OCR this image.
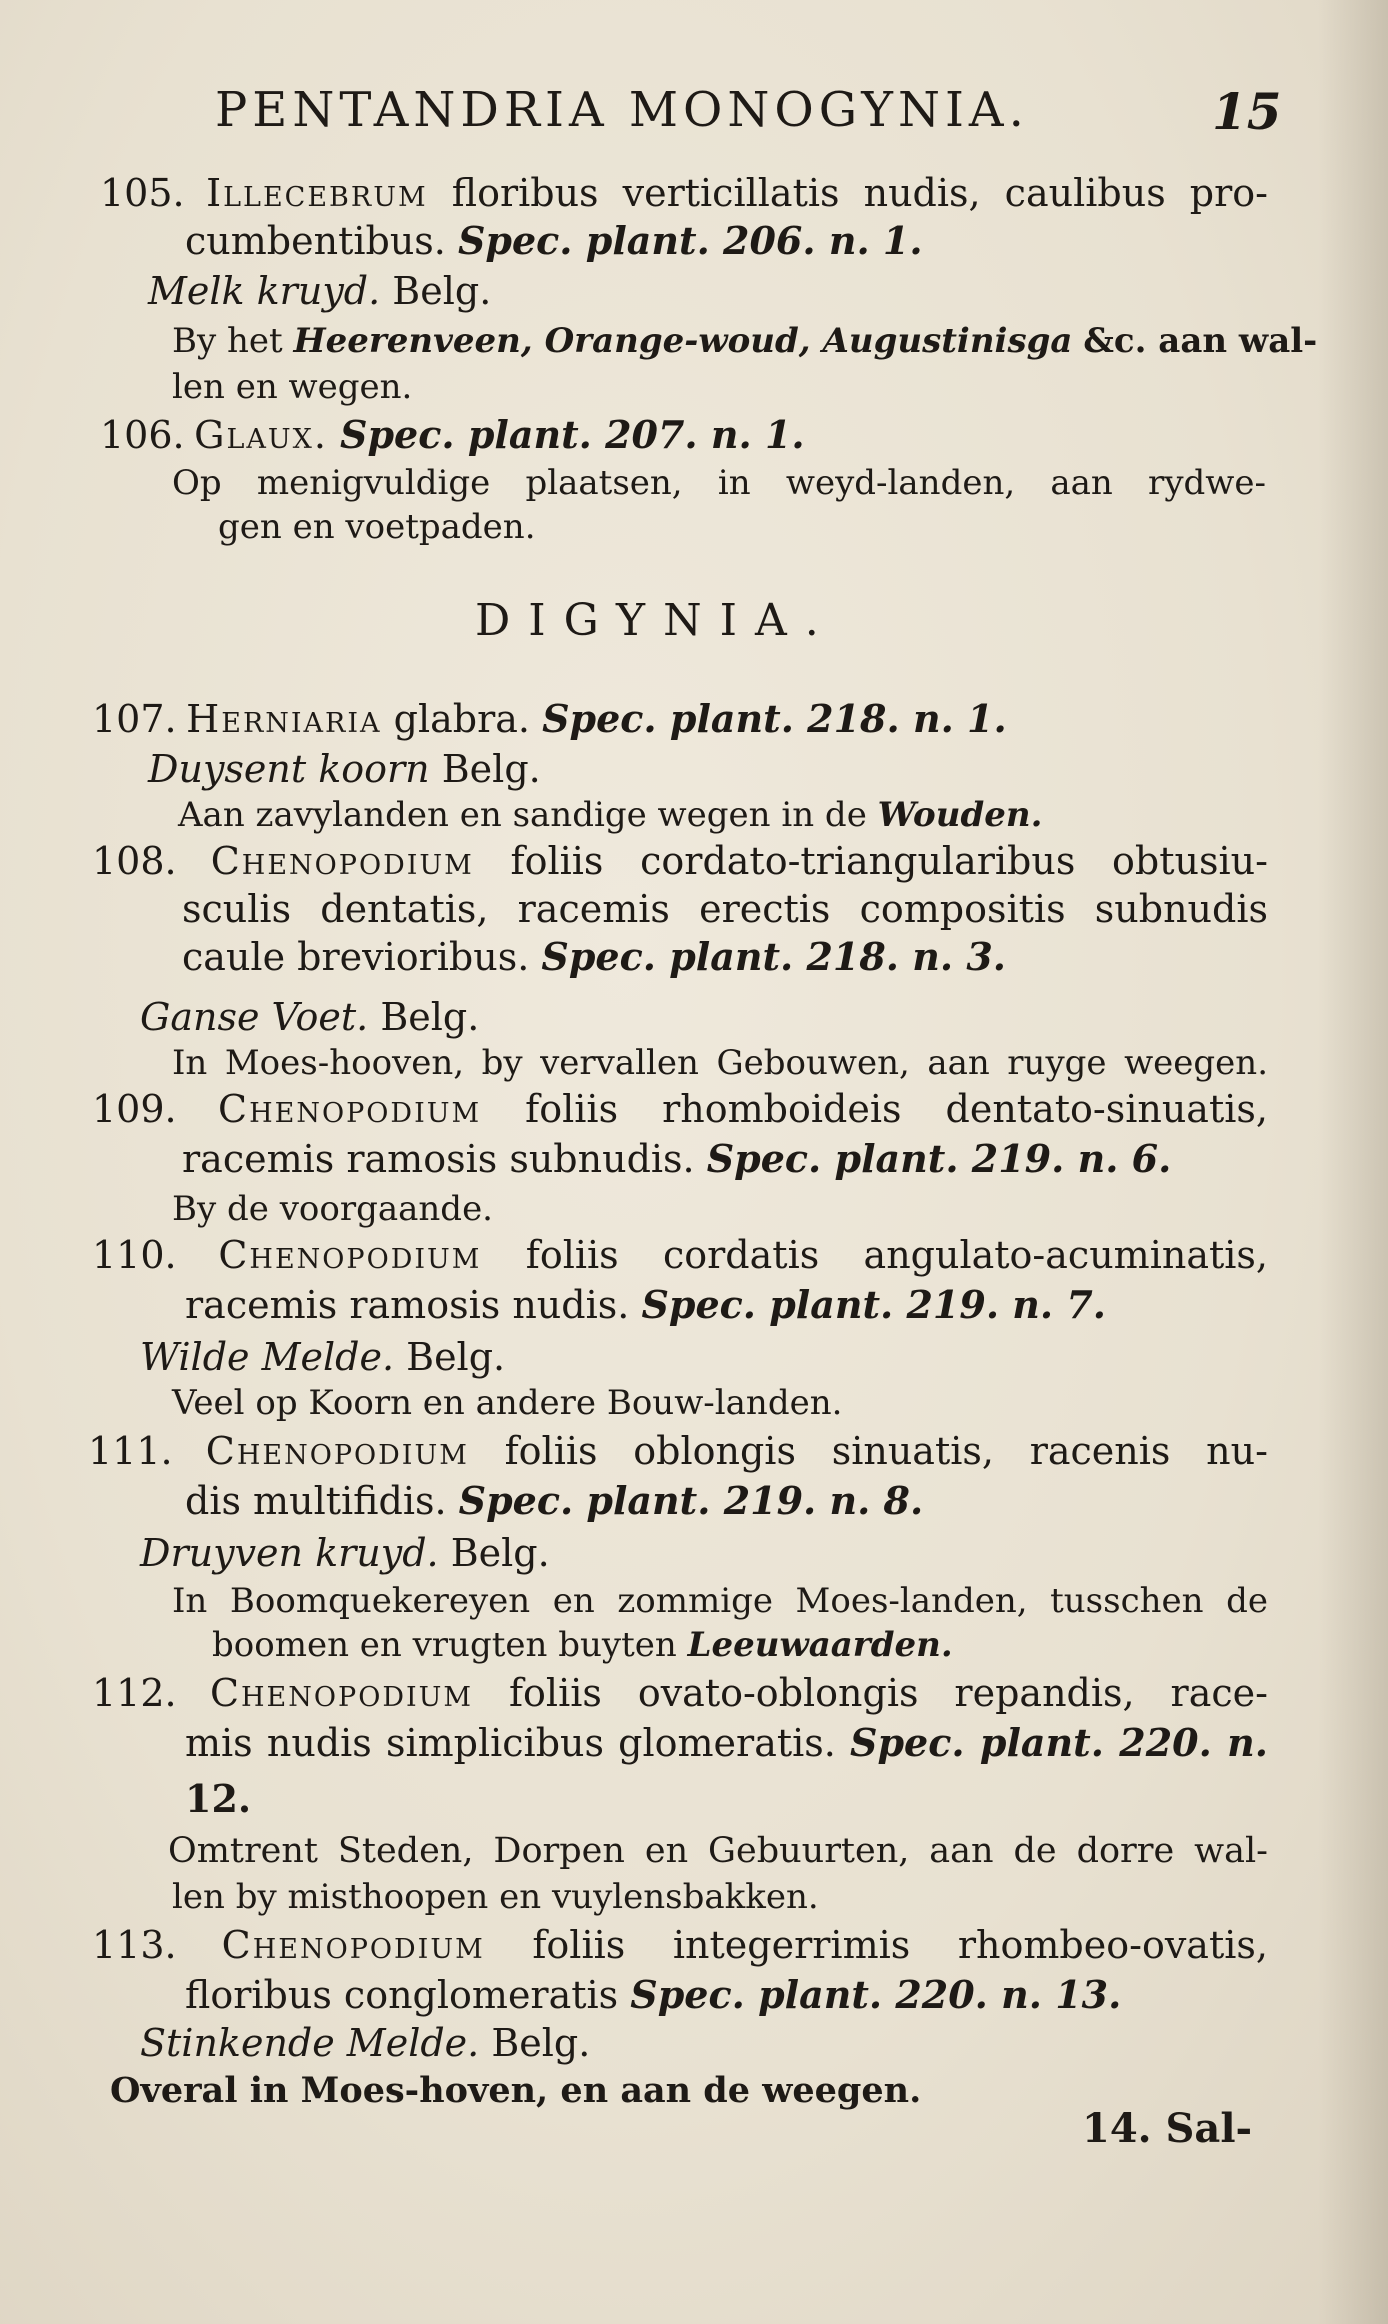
PENTANDRIA MONOGYNIA.	15
105. Illecebrum floribus verticillatis nudis, caulibus pro-
cumbentibus. Spec. plant. 206. n. 1.
Melk kruyd. Belg.
By het Heerenveen, Orange-woud, Augustinisga &c. aan wal-
len en wegen.
106. Glaux. Spec. plant. 207. n. 1.
Op menigvuldige plaatsen, in weyd-landen, aan rydwe-
gen en voetpaden.
DIGYNIA.
107. Herniaria glabra. Spec. plant. 218. n. 1.
Duysent koorn Belg.
Aan zavylanden en sandige wegen in de Wouden.
108. Chenopodium foliis cordato-triangularibus obtusiu-
sculis dentatis, racemis erectis compositis subnudis
caule brevioribus. Spec. plant. 218. n. 3.
Ganse Voet. Belg.
In Moes-hooven, by vervallen Gebouwen, aan ruyge weegen.
109. Chenopodium foliis rhomboideis dentato-sinuatis,
racemis ramosis subnudis. Spec. plant. 219. n. 6.
By de voorgaande.
110. Chenopodium foliis cordatis angulato-acuminatis,
racemis ramosis nudis. Spec. plant. 219. n. 7.
Wilde Melde. Belg.
Veel op Koorn en andere Bouw-landen.
111. Chenopodium foliis oblongis sinuatis, racenis nu-
dis multifidis. Spec. plant. 219. n. 8.
Druyven kruyd. Belg.
In Boomquekereyen en zommige Moes-landen, tusschen de
boomen en vrugten buyten Leeuwaarden.
112. Chenopodium foliis ovato-oblongis repandis, race-
mis nudis simplicibus glomeratis. Spec. plant. 220. n.
12.
Omtrent Steden, Dorpen en Gebuurten, aan de dorre wal-
len by misthoopen en vuylensbakken.
113. Chenopodium foliis integerrimis rhombeo-ovatis,
floribus conglomeratis Spec. plant. 220. n. 13.
Stinkende Melde. Belg.
Overal in Moes-hoven, en aan de weegen.
14. Sal-
